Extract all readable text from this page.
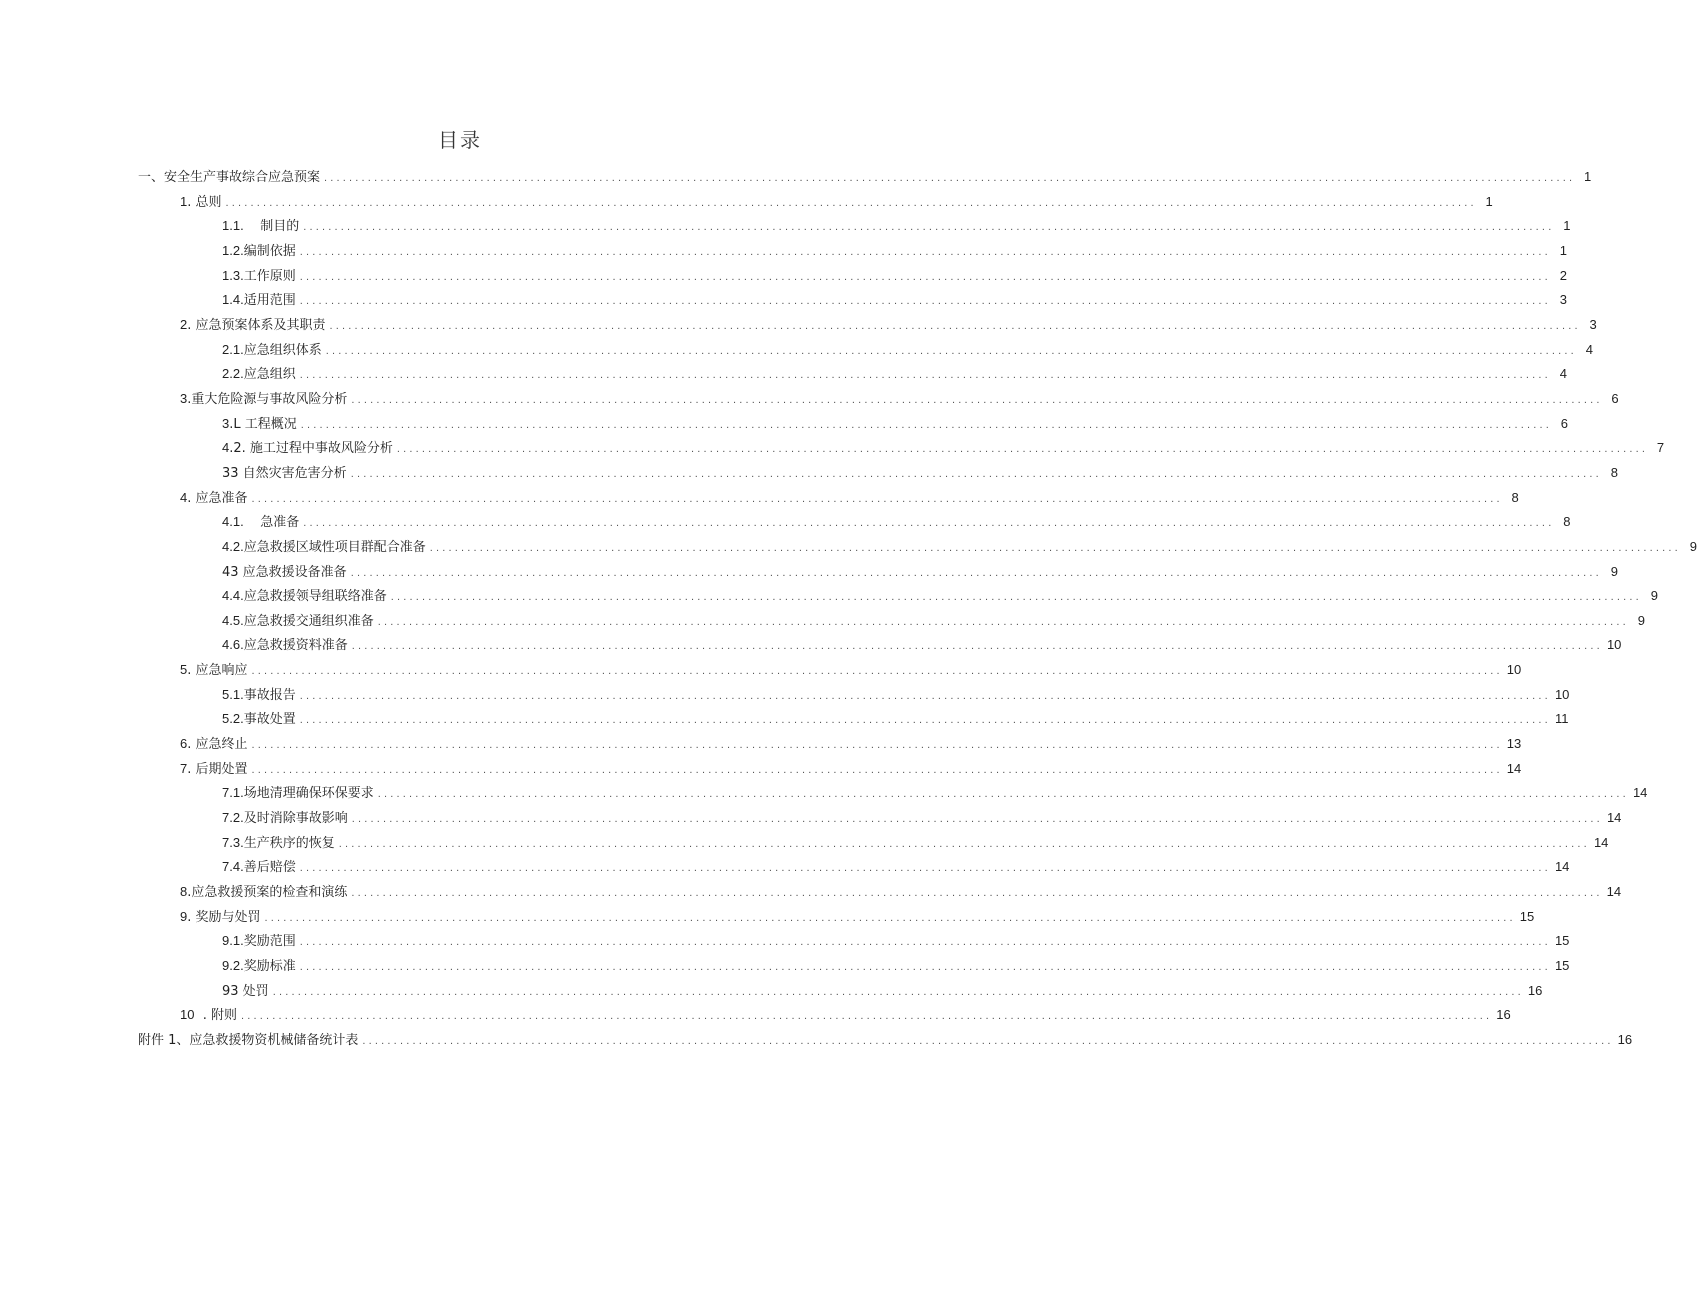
目录
一、安全生产事故综合应急预案 ........................................................................................................................................................................................................ 1
1 . 总则 ........................................................................................................................................................................................................ 1
1.1. 制目的 ........................................................................................................................................................................................................ 1
1.2. 编制依据 ........................................................................................................................................................................................................ 1
1.3. 工作原则 ........................................................................................................................................................................................................ 2
1.4. 适用范围 ........................................................................................................................................................................................................ 3
2 . 应急预案体系及其职责 ........................................................................................................................................................................................................ 3
2.1. 应急组织体系 ........................................................................................................................................................................................................ 4
2.2. 应急组织 ........................................................................................................................................................................................................ 4
3 .重大危险源与事故风险分析 ........................................................................................................................................................................................................ 6
3 .L 工程概况 ........................................................................................................................................................................................................ 6
4 .2. 施工过程中事故风险分析 ........................................................................................................................................................................................................ 7
33 自然灾害危害分析 ........................................................................................................................................................................................................ 8
4 . 应急准备 ........................................................................................................................................................................................................ 8
4.1. 急准备 ........................................................................................................................................................................................................ 8
4.2. 应急救援区域性项目群配合准备 ........................................................................................................................................................................................................ 9
43 应急救援设备准备 ........................................................................................................................................................................................................ 9
4.4. 应急救援领导组联络准备 ........................................................................................................................................................................................................ 9
4.5. 应急救援交通组织准备 ........................................................................................................................................................................................................ 9
4.6. 应急救援资料准备 ........................................................................................................................................................................................................ 10
5 . 应急响应 ........................................................................................................................................................................................................ 10
5.1. 事故报告 ........................................................................................................................................................................................................ 10
5.2. 事故处置 ........................................................................................................................................................................................................ 11
6 . 应急终止 ........................................................................................................................................................................................................ 13
7 . 后期处置 ........................................................................................................................................................................................................ 14
7.1. 场地清理确保环保要求 ........................................................................................................................................................................................................ 14
7.2. 及时消除事故影响 ........................................................................................................................................................................................................ 14
7.3. 生产秩序的恢复 ........................................................................................................................................................................................................ 14
7.4. 善后赔偿 ........................................................................................................................................................................................................ 14
8 .应急救援预案的检查和演练 ........................................................................................................................................................................................................ 14
9 . 奖励与处罚 ........................................................................................................................................................................................................ 15
9.1. 奖励范围 ........................................................................................................................................................................................................ 15
9.2. 奖励标准 ........................................................................................................................................................................................................ 15
93 处罚 ........................................................................................................................................................................................................ 16
10 . 附则 ........................................................................................................................................................................................................ 16
附件 1、应急救援物资机械储备统计表 ........................................................................................................................................................................................................ 16
